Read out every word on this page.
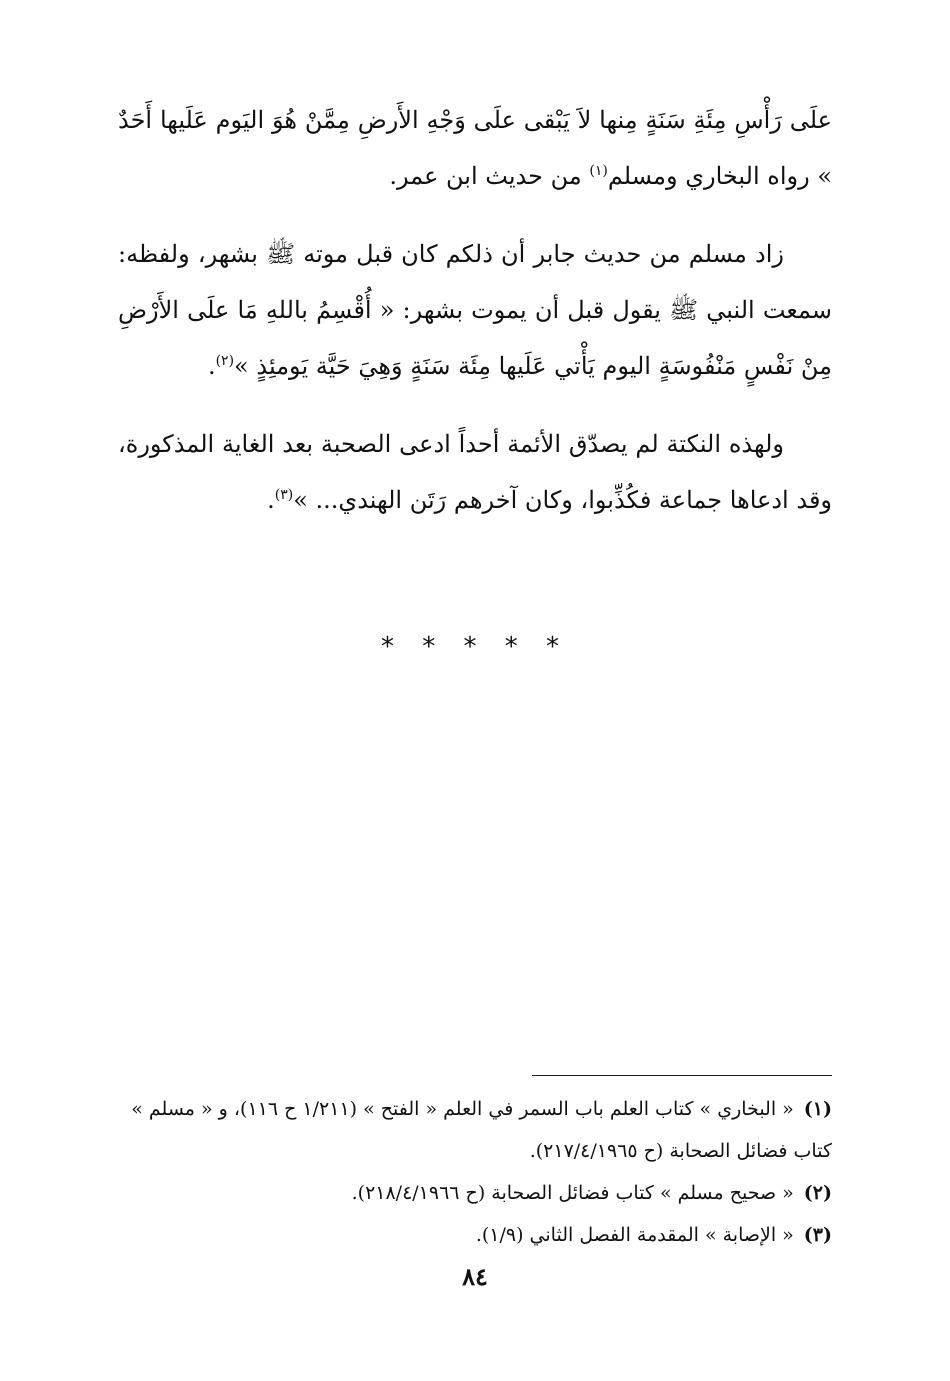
علَى رَأْسِ مِئَةِ سَنَةٍ مِنها لاَ يَبْقى علَى وَجْهِ الأَرضِ مِمَّنْ هُوَ اليَوم عَلَيها أَحَدٌ » رواه البخاري ومسلم$^{(١)}$ من حديث ابن عمر.

زاد مسلم من حديث جابر أن ذلكم كان قبل موته ﷺ بشهر، ولفظه: سمعت النبي ﷺ يقول قبل أن يموت بشهر: « أُقْسِمُ باللهِ مَا علَى الأَرْضِ مِنْ نَفْسٍ مَنْفُوسَةٍ اليوم يَأْتي عَلَيها مِئَة سَنَةٍ وَهِيَ حَيَّة يَومئِذٍ »$^{(٢)}$.

ولهذه النكتة لم يصدّق الأئمة أحداً ادعى الصحبة بعد الغاية المذكورة، وقد ادعاها جماعة فكُذِّبوا، وكان آخرهم رَتَن الهندي... »$^{(٣)}$.

* * * * *

(١)« البخاري » كتاب العلم باب السمر في العلم « الفتح » (١/٢١١ ح ١١٦)، و « مسلم » كتاب فضائل الصحابة (ح ٢١٧/٤/١٩٦٥).

(٢)« صحيح مسلم » كتاب فضائل الصحابة (ح ٢١٨/٤/١٩٦٦).

(٣)« الإصابة » المقدمة الفصل الثاني (١/٩).

٨٤
